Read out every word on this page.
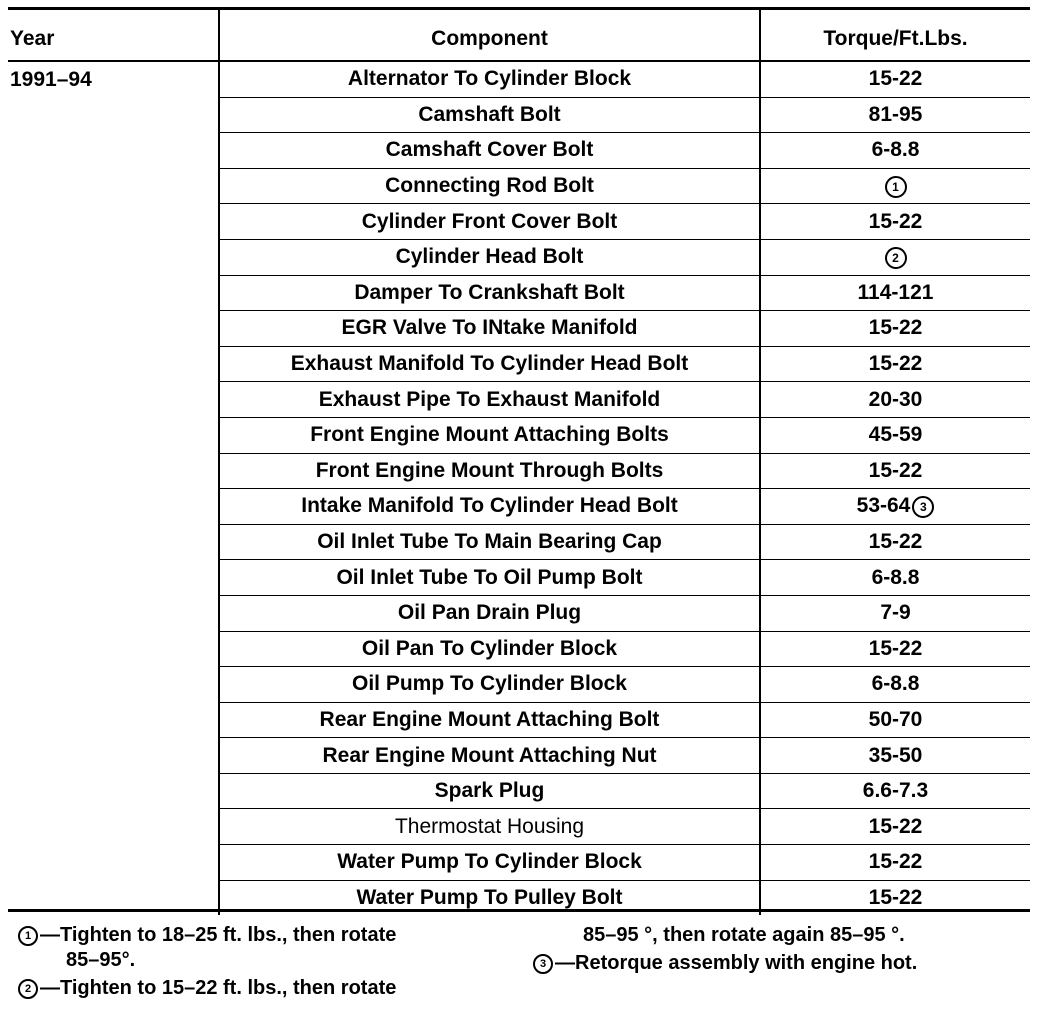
Year	Component	Torque/Ft.Lbs.
1991–94	Alternator To Cylinder Block	15-22
	Camshaft Bolt	81-95
	Camshaft Cover Bolt	6-8.8
	Connecting Rod Bolt	1
	Cylinder Front Cover Bolt	15-22
	Cylinder Head Bolt	2
	Damper To Crankshaft Bolt	114-121
	EGR Valve To INtake Manifold	15-22
	Exhaust Manifold To Cylinder Head Bolt	15-22
	Exhaust Pipe To Exhaust Manifold	20-30
	Front Engine Mount Attaching Bolts	45-59
	Front Engine Mount Through Bolts	15-22
	Intake Manifold To Cylinder Head Bolt	53-64 3
	Oil Inlet Tube To Main Bearing Cap	15-22
	Oil Inlet Tube To Oil Pump Bolt	6-8.8
	Oil Pan Drain Plug	7-9
	Oil Pan To Cylinder Block	15-22
	Oil Pump To Cylinder Block	6-8.8
	Rear Engine Mount Attaching Bolt	50-70
	Rear Engine Mount Attaching Nut	35-50
	Spark Plug	6.6-7.3
	Thermostat Housing	15-22
	Water Pump To Cylinder Block	15-22
	Water Pump To Pulley Bolt	15-22
1 —Tighten to 18–25 ft. lbs., then rotate
85–95°.
2 —Tighten to 15–22 ft. lbs., then rotate
85–95 °, then rotate again 85–95 °.
3 —Retorque assembly with engine hot.
